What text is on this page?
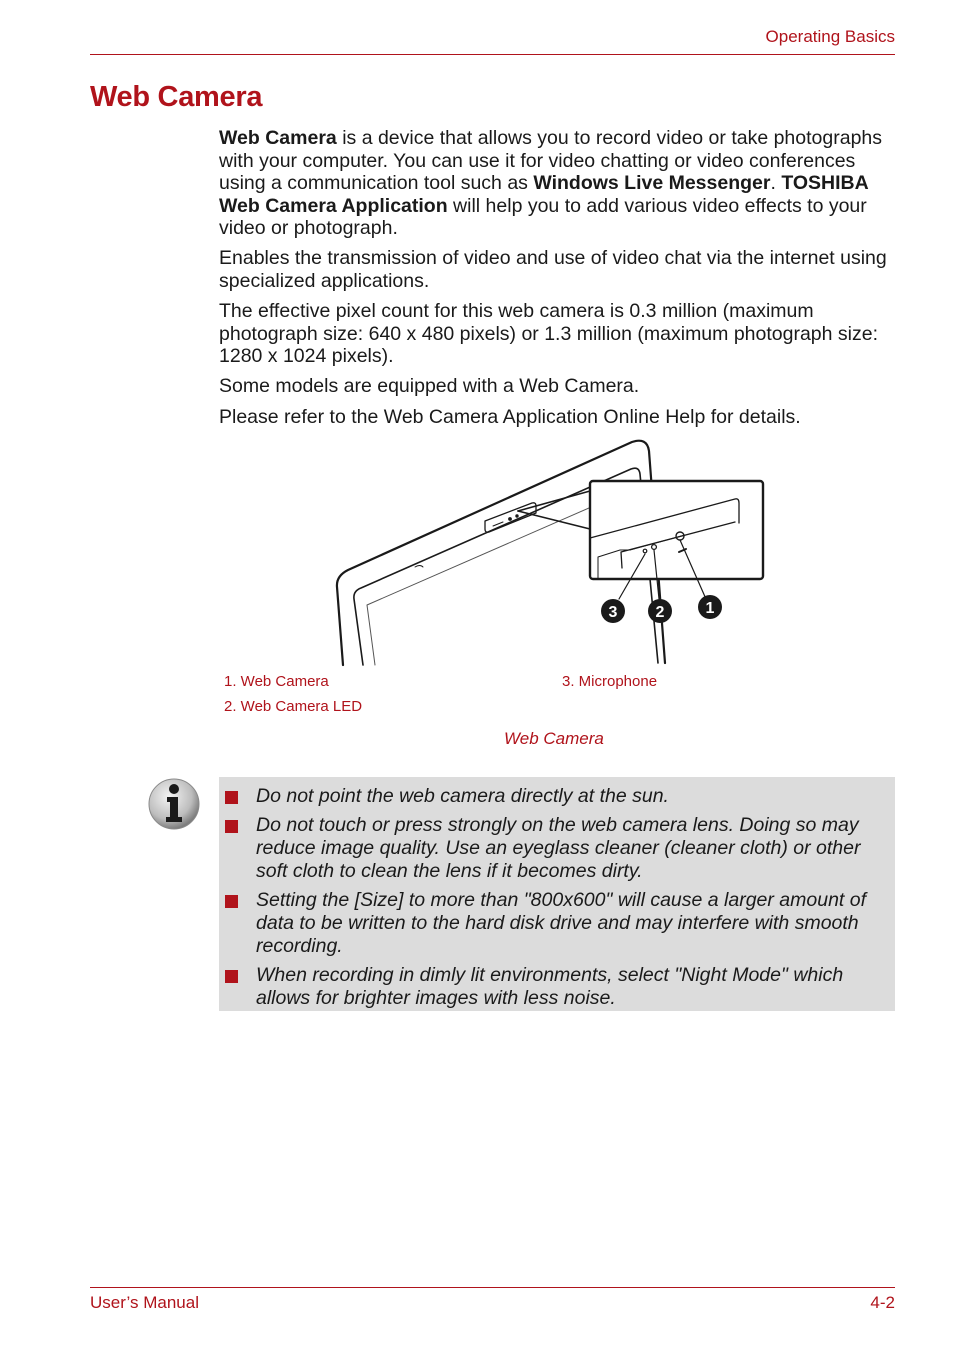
Operating Basics
Web Camera

Web Camera is a device that allows you to record video or take photographs with your computer. You can use it for video chatting or video conferences using a communication tool such as Windows Live Messenger. TOSHIBA Web Camera Application will help you to add various video effects to your video or photograph.

Enables the transmission of video and use of video chat via the internet using specialized applications.

The effective pixel count for this web camera is 0.3 million (maximum photograph size: 640 x 480 pixels) or 1.3 million (maximum photograph size: 1280 x 1024 pixels).

Some models are equipped with a Web Camera.

Please refer to the Web Camera Application Online Help for details.

1
2
3
1. Web Camera	3. Microphone
2. Web Camera LED
Web Camera
Do not point the web camera directly at the sun.
Do not touch or press strongly on the web camera lens. Doing so may reduce image quality. Use an eyeglass cleaner (cleaner cloth) or other soft cloth to clean the lens if it becomes dirty.
Setting the [Size] to more than "800x600" will cause a larger amount of data to be written to the hard disk drive and may interfere with smooth recording.
When recording in dimly lit environments, select "Night Mode" which allows for brighter images with less noise.
User’s Manual	4-2
